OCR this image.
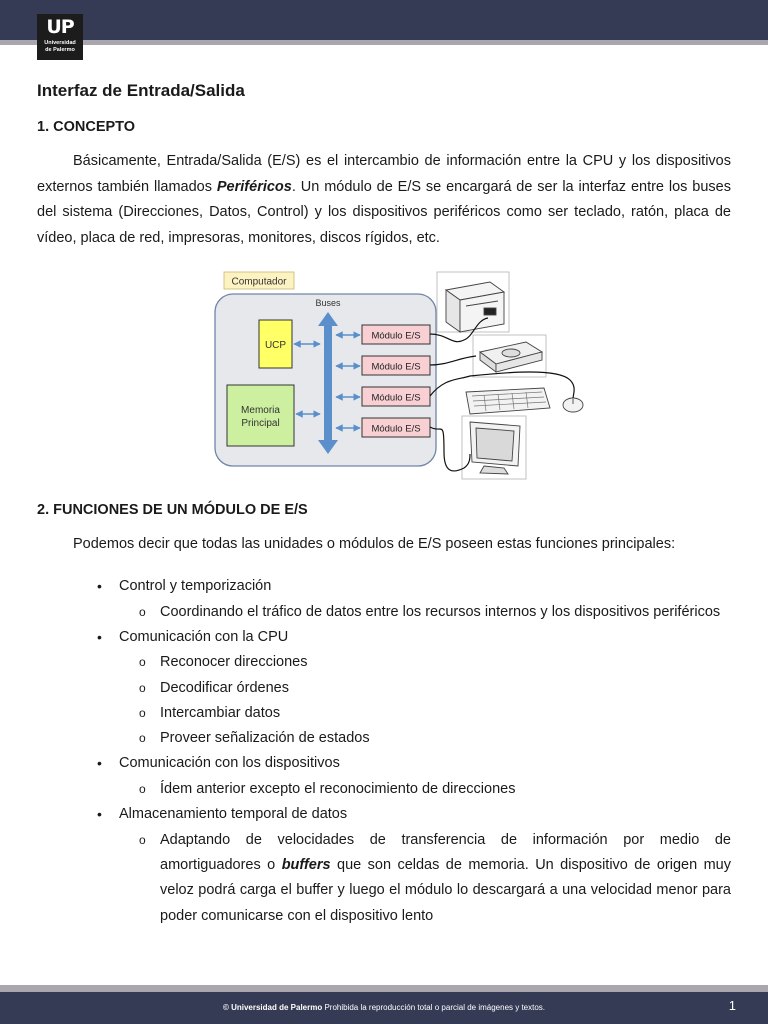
UP
Universidad
de Palermo
Interfaz de Entrada/Salida
1. CONCEPTO

Básicamente, Entrada/Salida (E/S) es el intercambio de información entre la CPU y los dispositivos externos también llamados Periféricos. Un módulo de E/S se encargará de ser la interfaz entre los buses del sistema (Direcciones, Datos, Control) y los dispositivos periféricos como ser teclado, ratón, placa de vídeo, placa de red, impresoras, monitores, discos rígidos, etc.

Computador
Buses
UCP
Memoria
Principal
Módulo E/S
Módulo E/S
Módulo E/S
Módulo E/S
2. FUNCIONES DE UN MÓDULO DE E/S

Podemos decir que todas las unidades o módulos de E/S poseen estas funciones principales:

• Control y temporización
o Coordinando el tráfico de datos entre los recursos internos y los dispositivos periféricos
• Comunicación con la CPU
o Reconocer direcciones
o Decodificar órdenes
o Intercambiar datos
o Proveer señalización de estados
• Comunicación con los dispositivos
o Ídem anterior excepto el reconocimiento de direcciones
• Almacenamiento temporal de datos
o Adaptando de velocidades de transferencia de información por medio de amortiguadores o buffers que son celdas de memoria. Un dispositivo de origen muy veloz podrá carga el buffer y luego el módulo lo descargará a una velocidad menor para poder comunicarse con el dispositivo lento
© Universidad de Palermo Prohibida la reproducción total o parcial de imágenes y textos.	1
